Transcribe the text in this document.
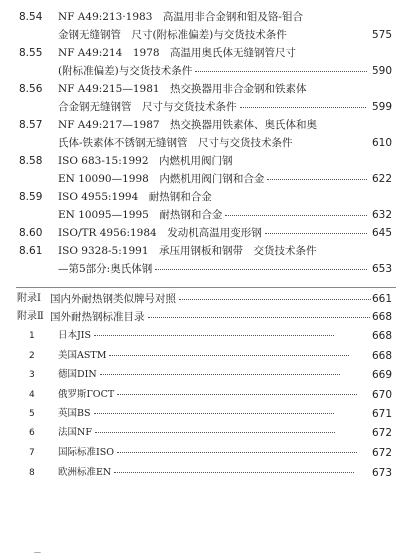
8.54 NF A49:213·1983　高温用非合金钢和钼及铬-钼合
金钢无缝钢管　尺寸(附标准偏差)与交货技术条件	575
8.55 NF A49:214　1978　高温用奥氏体无缝钢管尺寸
(附标准偏差)与交货技术条件	590
8.56 NF A49:215—1981　热交换器用非合金钢和铁素体
合金钢无缝钢管　尺寸与交货技术条件	599
8.57 NF A49:217—1987　热交换器用铁素体、奥氏体和奥
氏体-铁素体不锈钢无缝钢管　尺寸与交货技术条件	610
8.58 ISO 683-15:1992　内燃机用阀门钢
EN 10090—1998　内燃机用阀门钢和合金	622
8.59 ISO 4955:1994　耐热钢和合金
EN 10095—1995　耐热钢和合金	632
8.60 ISO/TR 4956:1984　发动机高温用变形钢	645
8.61 ISO 9328-5:1991　承压用钢板和钢带　交货技术条件
—第5部分:奥氏体钢	653
附录Ⅰ 国内外耐热钢类似牌号对照	661
附录Ⅱ 国外耐热钢标准目录	668
1 日本JIS	668
2 美国ASTM	668
3 德国DIN	669
4 俄罗斯ГОСТ	670
5 英国BS	671
6 法国NF	672
7 国际标准ISO	672
8 欧洲标准EN	673
—
